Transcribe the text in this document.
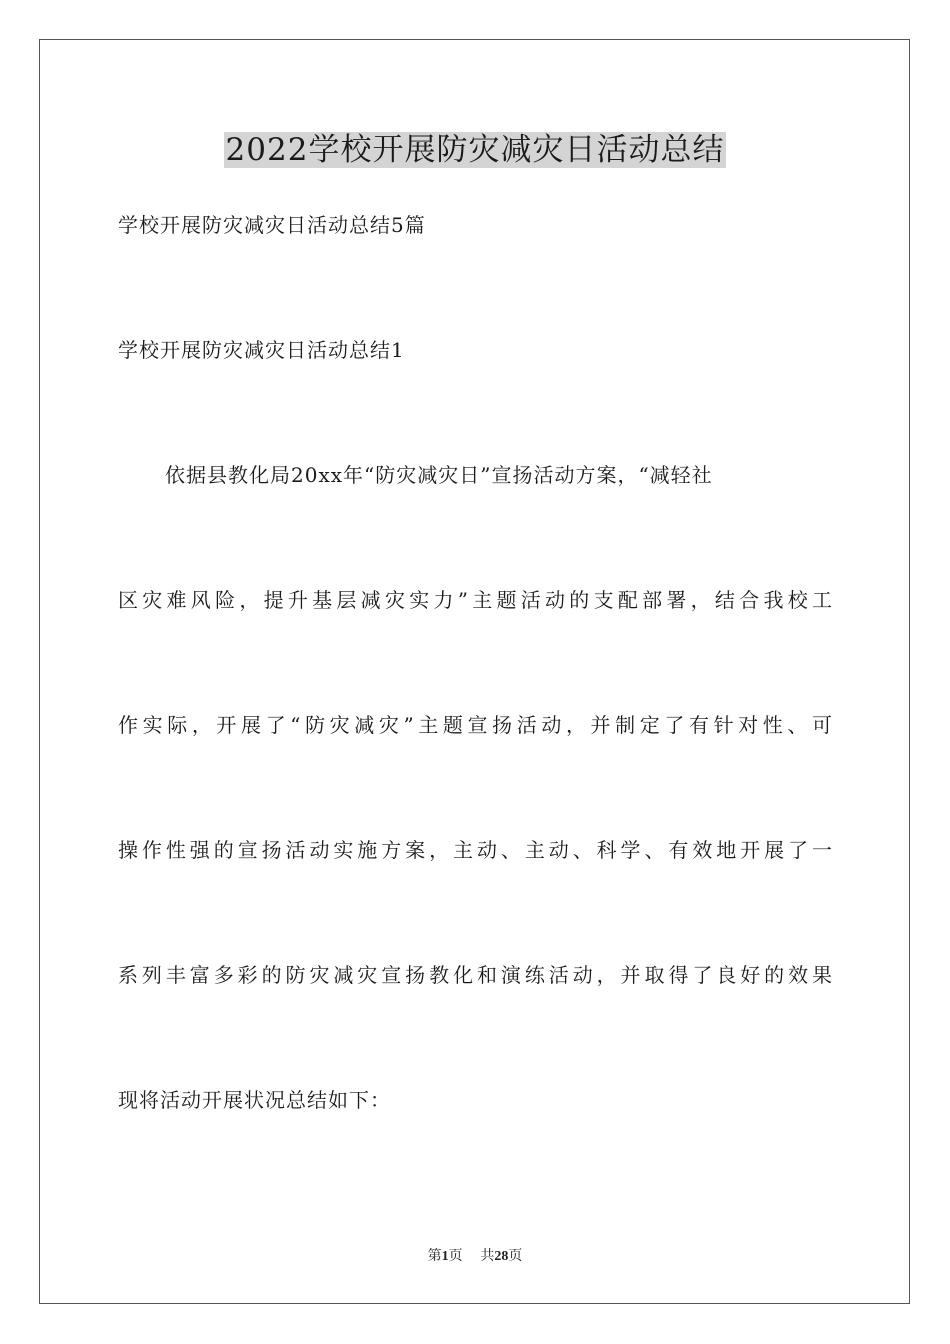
2022学校开展防灾减灾日活动总结
学校开展防灾减灾日活动总结5篇
学校开展防灾减灾日活动总结1
依据县教化局20xx年“防灾减灾日”宣扬活动方案，“减轻社
区灾难风险，提升基层减灾实力”主题活动的支配部署，结合我校工
作实际，开展了“防灾减灾”主题宣扬活动，并制定了有针对性、可
操作性强的宣扬活动实施方案，主动、主动、科学、有效地开展了一
系列丰富多彩的防灾减灾宣扬教化和演练活动，并取得了良好的效果
现将活动开展状况总结如下：
第1页 共28页
